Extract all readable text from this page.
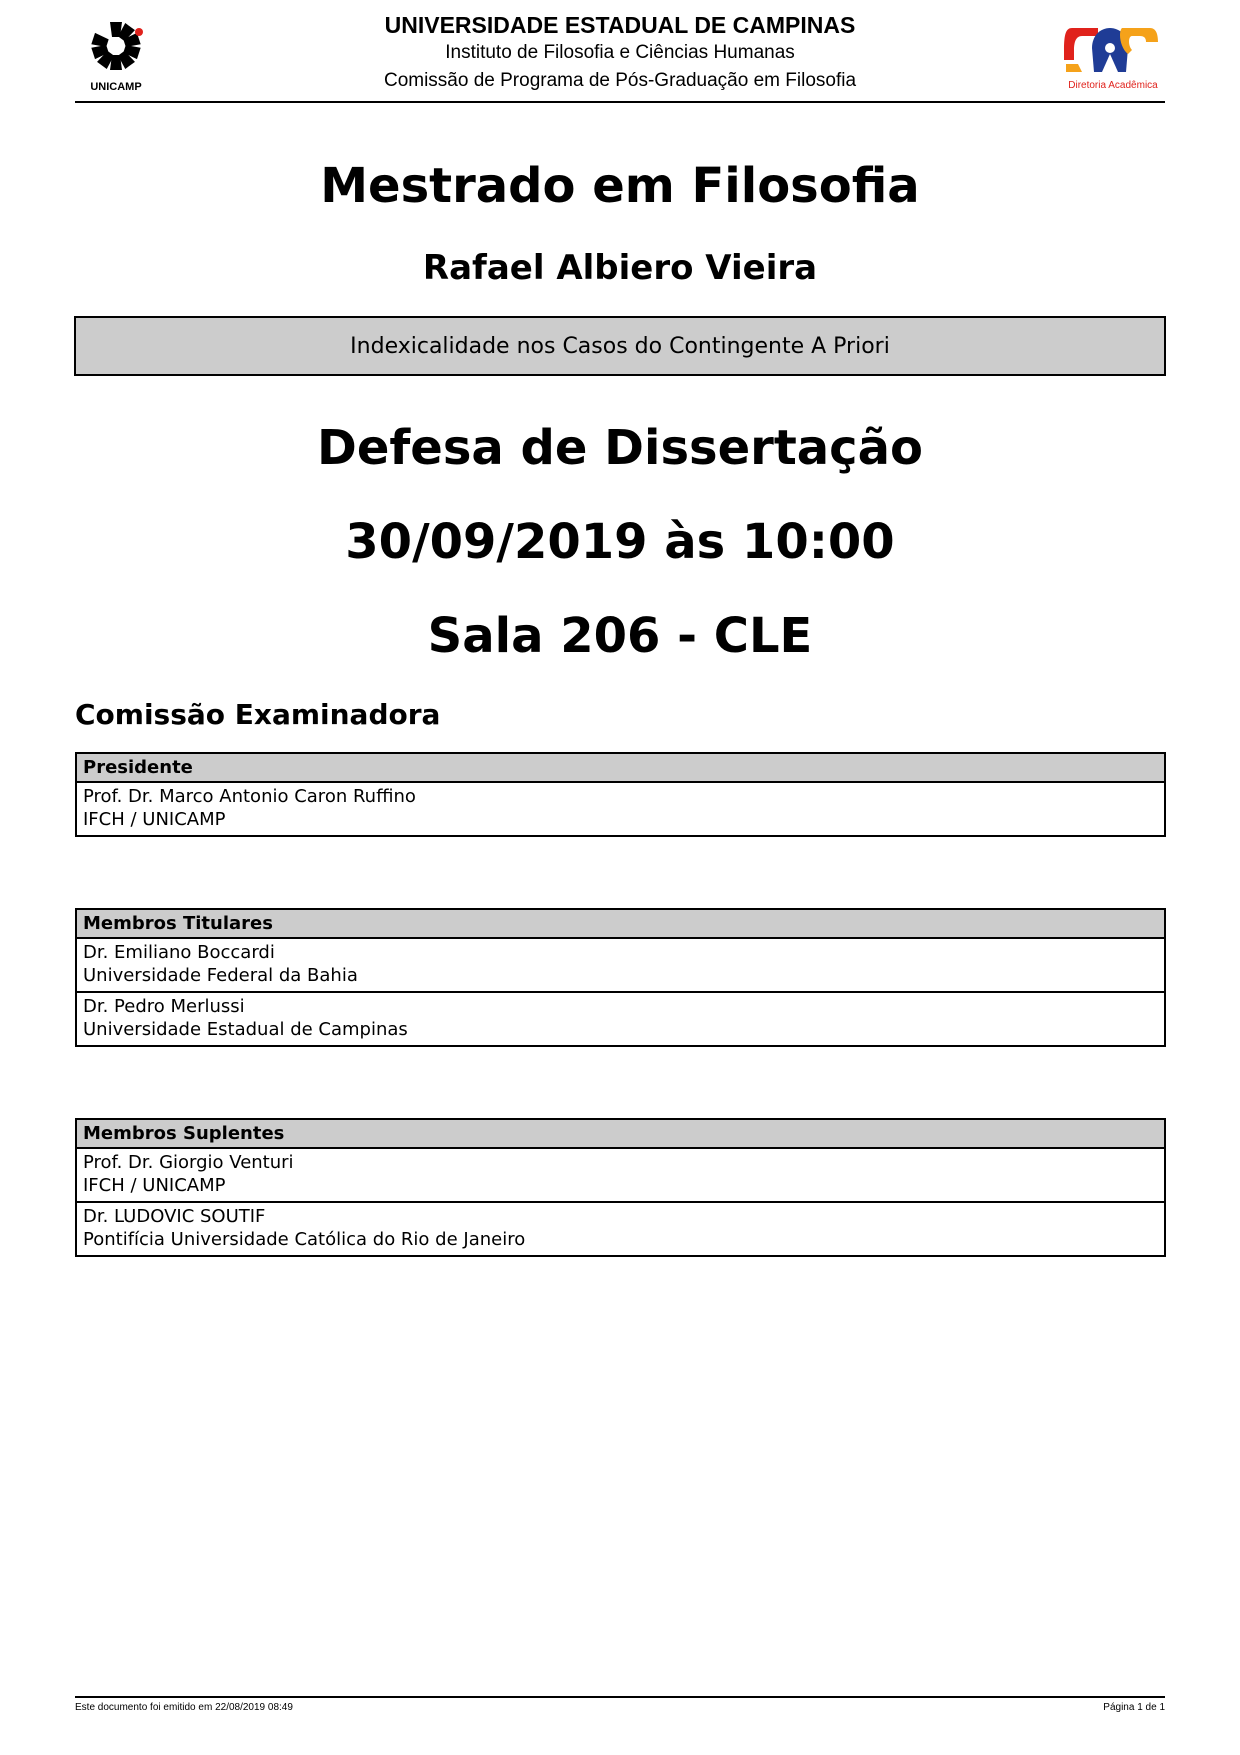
UNICAMP
UNIVERSIDADE ESTADUAL DE CAMPINAS
Instituto de Filosofia e Ciências Humanas
Comissão de Programa de Pós-Graduação em Filosofia	Diretoria Acadêmica
Mestrado em Filosofia
Rafael Albiero Vieira
Indexicalidade nos Casos do Contingente A Priori
Defesa de Dissertação
30/09/2019 às 10:00
Sala 206 - CLE
Comissão Examinadora
Presidente

Prof. Dr. Marco Antonio Caron Ruffino
IFCH / UNICAMP
Membros Titulares

Dr. Emiliano Boccardi
Universidade Federal da Bahia

Dr. Pedro Merlussi
Universidade Estadual de Campinas
Membros Suplentes

Prof. Dr. Giorgio Venturi
IFCH / UNICAMP

Dr. LUDOVIC SOUTIF
Pontifícia Universidade Católica do Rio de Janeiro
Este documento foi emitido em 22/08/2019 08:49	Página 1 de 1
